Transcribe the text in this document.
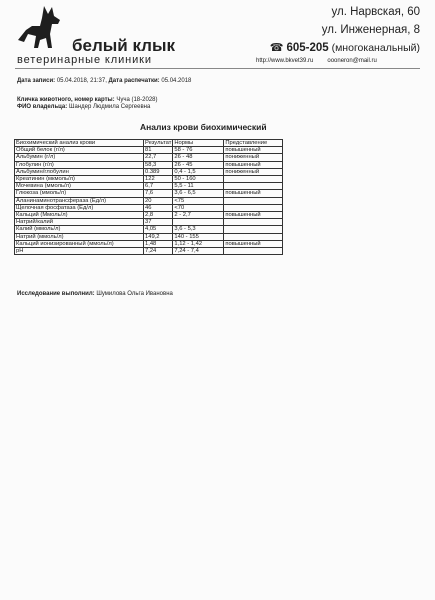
белый клык
ветеринарные клиники
ул. Нарвская, 60
ул. Инженерная, 8
☎ 605-205 (многоканальный)
http://www.bkvet39.ru oooneron@mail.ru
Дата записи: 05.04.2018, 21:37, Дата распечатки: 05.04.2018
Кличка животного, номер карты: Чуча (18-2028)
ФИО владельца: Шандер Людмила Сергеевна
Анализ крови биохимический
Биохимический анализ крови	Результат	Нормы	Представление
Общий белок (г/л)	81	58 - 76	повышенный
Альбумин (г/л)	22,7	26 - 48	пониженный
Глобулин (г/л)	58,3	26 - 45	повышенный
Альбумин/глобулин	0.389	0,4 - 1,5	пониженный
Креатинин (мкмоль/л)	122	50 - 160	
Мочевина (ммоль/л)	6,7	5,5 - 11	
Глюкоза (ммоль/л)	7,6	3,6 - 6,5	повышенный
Аланинаминотрансфераза (Ед/л)	20	<75	
Щелочная фосфатаза (Ед/л)	46	<70	
Кальций (Ммоль/л)	2,8	2 - 2,7	повышенный
Натрий/калий	37		
Калий (ммоль/л)	4,05	3,6 - 5,3	
Натрий (ммоль/л)	149,2	140 - 155	
Кальций ионизированный (ммоль/л)	1,48	1,12 - 1,42	повышенный
pH	7,24	7,24 - 7,4	
Исследование выполнил: Шумилова Ольга Ивановна
